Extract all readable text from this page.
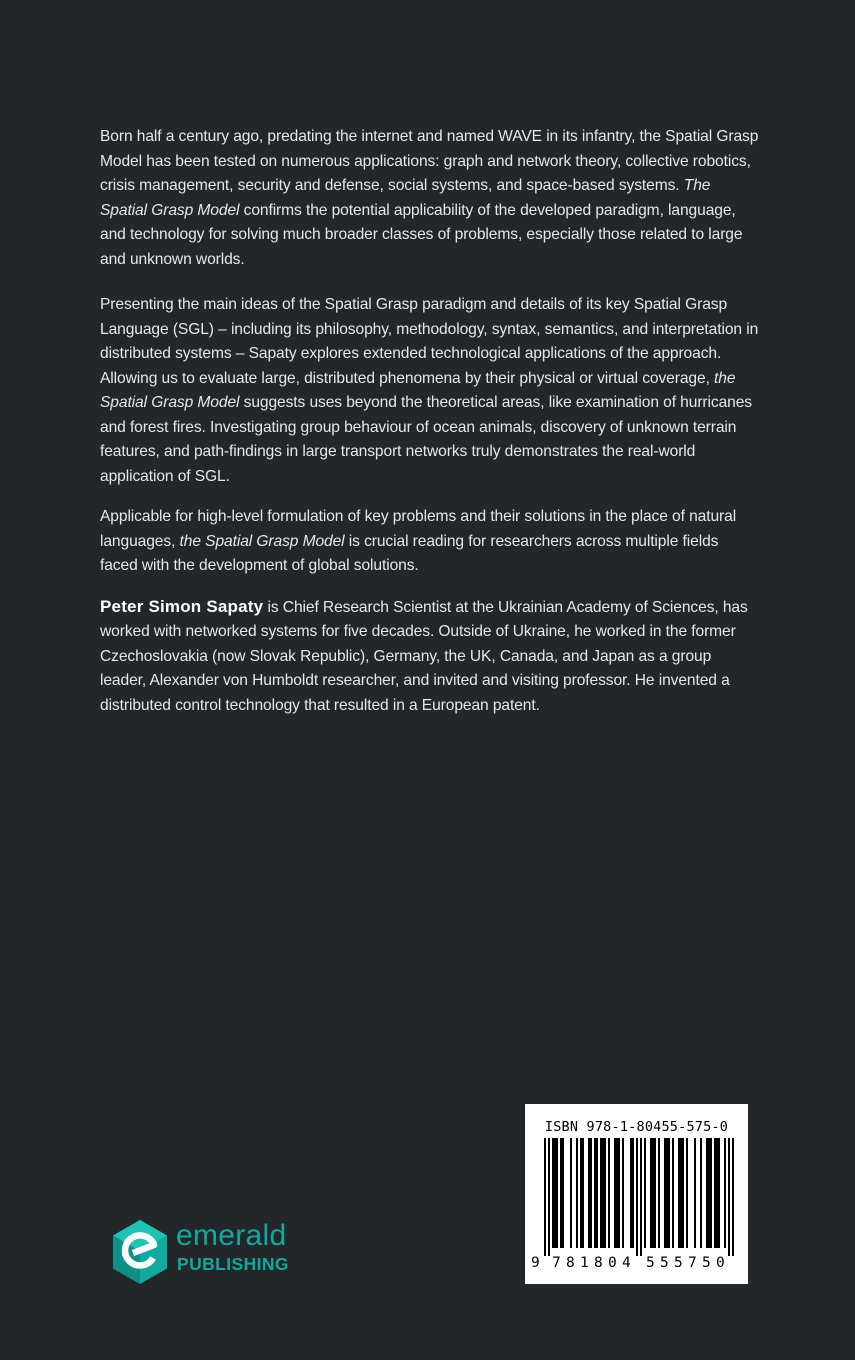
Born half a century ago, predating the internet and named WAVE in its infantry, the Spatial Grasp Model has been tested on numerous applications: graph and network theory, collective robotics, crisis management, security and defense, social systems, and space-based systems. The Spatial Grasp Model confirms the potential applicability of the developed paradigm, language, and technology for solving much broader classes of problems, especially those related to large and unknown worlds.

Presenting the main ideas of the Spatial Grasp paradigm and details of its key Spatial Grasp Language (SGL) – including its philosophy, methodology, syntax, semantics, and interpretation in distributed systems – Sapaty explores extended technological applications of the approach. Allowing us to evaluate large, distributed phenomena by their physical or virtual coverage, the Spatial Grasp Model suggests uses beyond the theoretical areas, like examination of hurricanes and forest fires. Investigating group behaviour of ocean animals, discovery of unknown terrain features, and path-findings in large transport networks truly demonstrates the real-world application of SGL.

Applicable for high-level formulation of key problems and their solutions in the place of natural languages, the Spatial Grasp Model is crucial reading for researchers across multiple fields faced with the development of global solutions.

Peter Simon Sapaty is Chief Research Scientist at the Ukrainian Academy of Sciences, has worked with networked systems for five decades. Outside of Ukraine, he worked in the former Czechoslovakia (now Slovak Republic), Germany, the UK, Canada, and Japan as a group leader, Alexander von Humboldt researcher, and invited and visiting professor. He invented a distributed control technology that resulted in a European patent.

ISBN 978-1-80455-575-0
9 7 8 1 8 0 4 5 5 5 7 5 0
emerald
PUBLISHING
